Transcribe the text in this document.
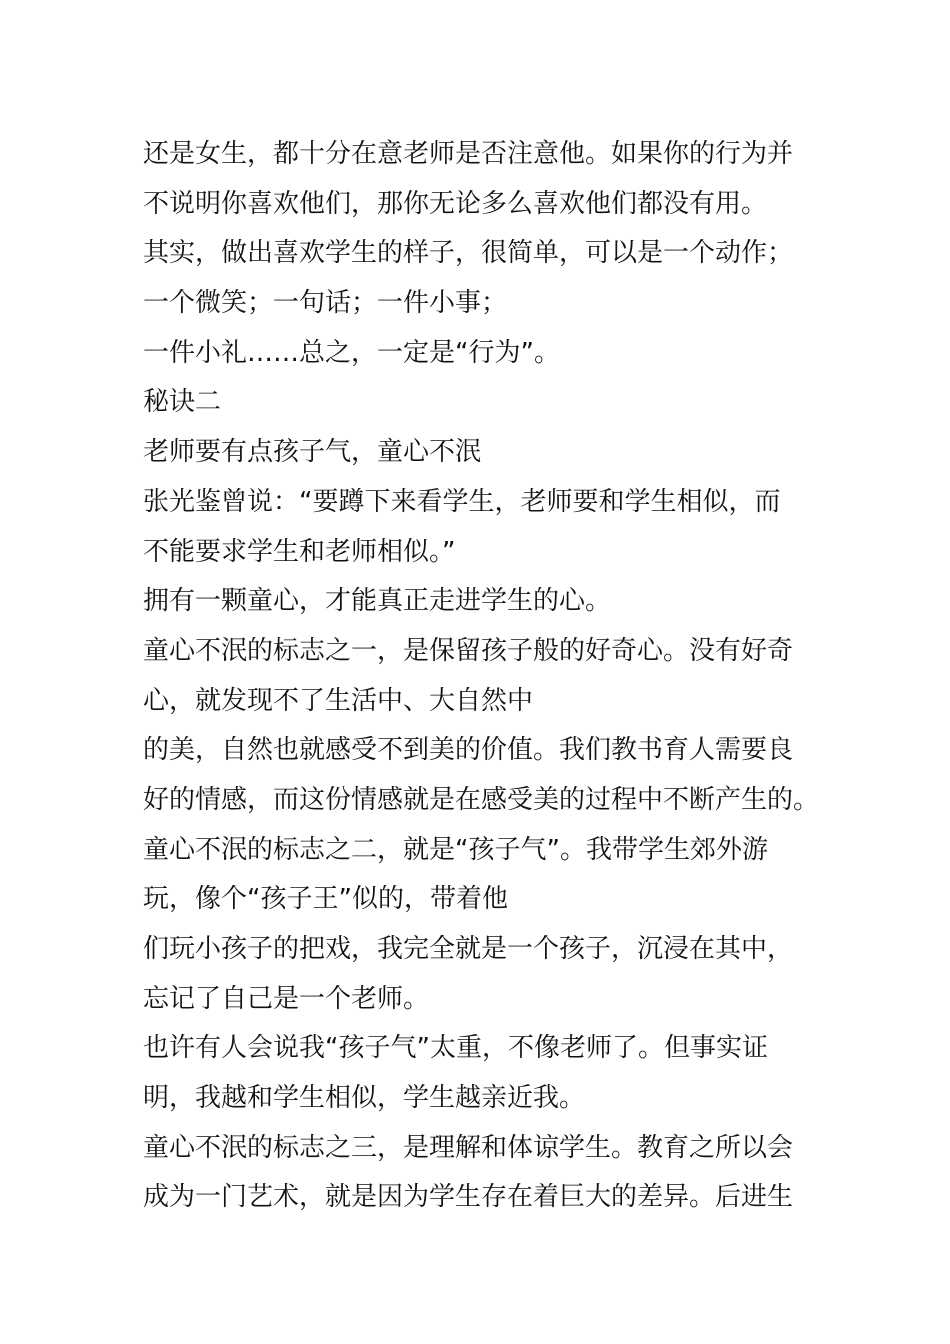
还是女生，都十分在意老师是否注意他。如果你的行为并
不说明你喜欢他们，那你无论多么喜欢他们都没有用。
其实，做出喜欢学生的样子，很简单，可以是一个动作；
一个微笑；一句话；一件小事；
一件小礼……总之，一定是“行为”。
秘诀二
老师要有点孩子气，童心不泯
张光鉴曾说：“要蹲下来看学生，老师要和学生相似，而
不能要求学生和老师相似。”
拥有一颗童心，才能真正走进学生的心。
童心不泯的标志之一，是保留孩子般的好奇心。没有好奇
心，就发现不了生活中、大自然中
的美，自然也就感受不到美的价值。我们教书育人需要良
好的情感，而这份情感就是在感受美的过程中不断产生的。
童心不泯的标志之二，就是“孩子气”。我带学生郊外游
玩，像个“孩子王”似的，带着他
们玩小孩子的把戏，我完全就是一个孩子，沉浸在其中，
忘记了自己是一个老师。
也许有人会说我“孩子气”太重，不像老师了。但事实证
明，我越和学生相似，学生越亲近我。
童心不泯的标志之三，是理解和体谅学生。教育之所以会
成为一门艺术，就是因为学生存在着巨大的差异。后进生
